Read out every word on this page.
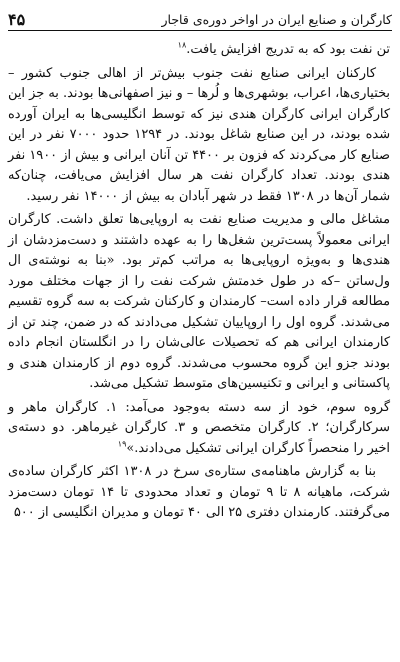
کارگران و صنایع ایران در اواخر دوره‌ی قاجار
۴۵

تن نفت بود که به تدریج افزایش یافت.$^{۱۸}$

کارکنان ایرانی صنایع نفت جنوب بیش‌تر از اهالی جنوب کشور – بختیاری‌ها، اعراب، بوشهری‌ها و لُرها – و نیز اصفهانی‌ها بودند. به جز این کارگران ایرانی کارگران هندی نیز که توسط انگلیسی‌ها به ایران آورده شده بودند، در این صنایع شاغل بودند. در ۱۲۹۴ حدود ۷۰۰۰ نفر در این صنایع کار می‌کردند که فزون بر ۴۴۰۰ تن آنان ایرانی و بیش از ۱۹۰۰ نفر هندی بودند. تعداد کارگران نفت هر سال افزایش می‌یافت، چنان‌که شمار آن‌ها در ۱۳۰۸ فقط در شهر آبادان به بیش از ۱۴۰۰۰ نفر رسید.

مشاغل مالی و مدیریت صنایع نفت به اروپایی‌ها تعلق داشت. کارگران ایرانی معمولاً پست‌ترین شغل‌ها را به عهده داشتند و دست‌مزدشان از هندی‌ها و به‌ویژه اروپایی‌ها به مراتب کم‌تر بود. «بنا به نوشته‌ی ال ول‌ساتن –که در طول خدمتش شرکت نفت را از جهات مختلف مورد مطالعه قرار داده است– کارمندان و کارکنان شرکت به سه گروه تقسیم می‌شدند. گروه اول را اروپاییان تشکیل می‌دادند که در ضمن، چند تن از کارمندان ایرانی هم که تحصیلات عالی‌شان را در انگلستان انجام داده بودند جزو این گروه محسوب می‌شدند. گروه دوم از کارمندان هندی و پاکستانی و ایرانی و تکنیسین‌های متوسط تشکیل می‌شد.

گروه سوم، خود از سه دسته به‌وجود می‌آمد: ۱. کارگران ماهر و سرکارگران؛ ۲. کارگران متخصص و ۳. کارگران غیرماهر. دو دسته‌ی اخیر را منحصراً کارگران ایرانی تشکیل می‌دادند.»$^{۱۹}$

بنا به گزارش ماهنامه‌ی ستاره‌ی سرخ در ۱۳۰۸ اکثر کارگران ساده‌ی شرکت، ماهیانه ۸ تا ۹ تومان و تعداد محدودی تا ۱۴ تومان دست‌مزد می‌گرفتند. کارمندان دفتری ۲۵ الی ۴۰ تومان و مدیران انگلیسی از ۵۰۰
